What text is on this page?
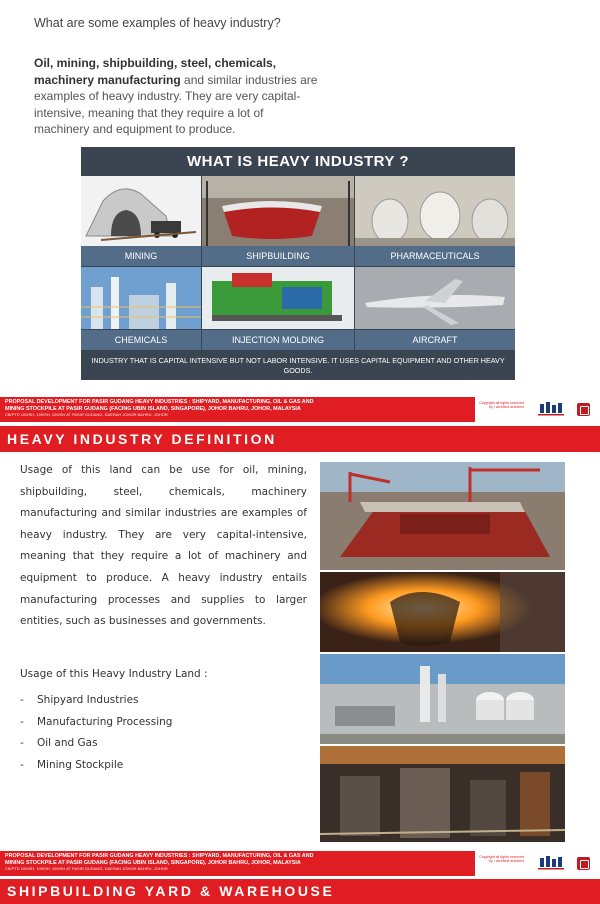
What are some examples of heavy industry?
Oil, mining, shipbuilding, steel, chemicals, machinery manufacturing and similar industries are examples of heavy industry. They are very capital-intensive, meaning that they require a lot of machinery and equipment to produce.
WHAT IS HEAVY INDUSTRY ?
MINING	SHIPBUILDING	PHARMACEUTICALS
CHEMICALS	INJECTION MOLDING	AIRCRAFT
INDUSTRY THAT IS CAPITAL INTENSIVE BUT NOT LABOR INTENSIVE. IT USES CAPITAL EQUIPMENT AND OTHER HEAVY GOODS.
PROPOSAL DEVELOPMENT FOR PASIR GUDANG HEAVY INDUSTRIES : SHIPYARD, MANUFACTURING, OIL & GAS AND
MINING STOCKPILE AT PASIR GUDANG (FACING UBIN ISLAND, SINGAPORE), JOHOR BAHRU, JOHOR, MALAYSIA
CB/PTD 109/SH, 109/SH, 109/SH AT PASIR GUDANG, DAERAH JOHOR BAHRU, JOHOR
Copyright all rights reserved by / architect architect
HEAVY INDUSTRY DEFINITION
Usage of this land can be use for oil, mining, shipbuilding, steel, chemicals, machinery manufacturing and similar industries are examples of heavy industry. They are very capital-intensive, meaning that they require a lot of machinery and equipment to produce. A heavy industry entails manufacturing processes and supplies to larger entities, such as businesses and governments.
Usage of this Heavy Industry Land :
- Shipyard Industries
- Manufacturing Processing
- Oil and Gas
- Mining Stockpile
PROPOSAL DEVELOPMENT FOR PASIR GUDANG HEAVY INDUSTRIES : SHIPYARD, MANUFACTURING, OIL & GAS AND
MINING STOCKPILE AT PASIR GUDANG (FACING UBIN ISLAND, SINGAPORE), JOHOR BAHRU, JOHOR, MALAYSIA
CB/PTD 109/SH, 109/SH, 109/SH AT PASIR GUDANG, DAERAH JOHOR BAHRU, JOHOR
Copyright all rights reserved by / architect architect
SHIPBUILDING YARD & WAREHOUSE
